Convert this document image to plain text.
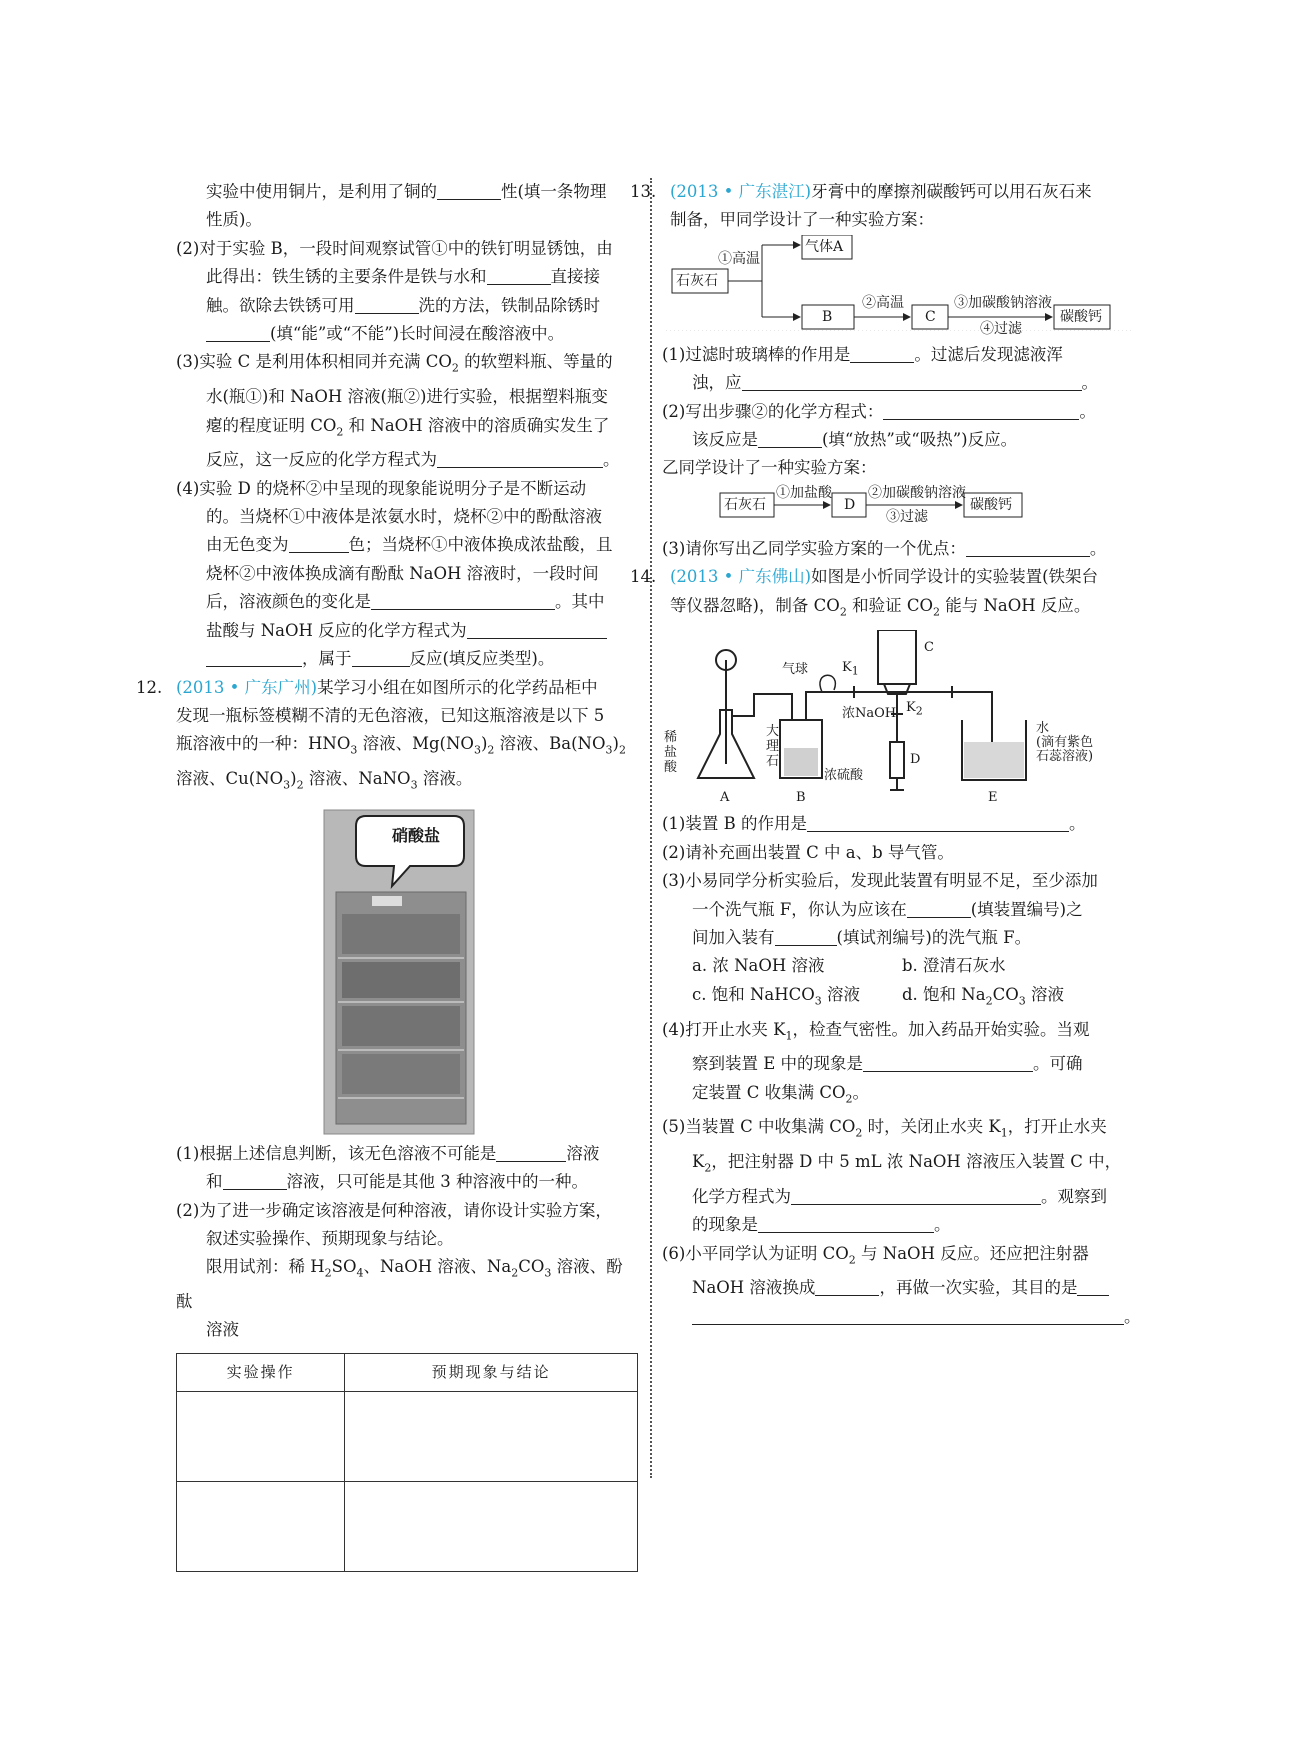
实验中使用铜片，是利用了铜的	性(填一条物理
性质)。
(2)对于实验 B，一段时间观察试管①中的铁钉明显锈蚀，由
此得出：铁生锈的主要条件是铁与水和	直接接
触。欲除去铁锈可用	洗的方法，铁制品除锈时
(填“能”或“不能”)长时间浸在酸溶液中。
(3)实验 C 是利用体积相同并充满 $CO_2$ 的软塑料瓶、等量的
水(瓶①)和 NaOH 溶液(瓶②)进行实验，根据塑料瓶变
瘪的程度证明 $CO_2$ 和 NaOH 溶液中的溶质确实发生了
反应，这一反应的化学方程式为	。
(4)实验 D 的烧杯②中呈现的现象能说明分子是不断运动
的。当烧杯①中液体是浓氨水时，烧杯②中的酚酞溶液
由无色变为	色；当烧杯①中液体换成浓盐酸，且
烧杯②中液体换成滴有酚酞 NaOH 溶液时，一段时间
后，溶液颜色的变化是	。其中
盐酸与 NaOH 反应的化学方程式为
，属于	反应(填反应类型)。
12. (2013 • 广东广州)某学习小组在如图所示的化学药品柜中
发现一瓶标签模糊不清的无色溶液，已知这瓶溶液是以下 5
瓶溶液中的一种：$HNO_3$ 溶液、$Mg(NO_3)_2$ 溶液、$Ba(NO_3)_2$
溶液、$Cu(NO_3)_2$ 溶液、NaNO$_3$ 溶液。
硝酸盐
(1)根据上述信息判断，该无色溶液不可能是	溶液
和	溶液，只可能是其他 3 种溶液中的一种。
(2)为了进一步确定该溶液是何种溶液，请你设计实验方案，
叙述实验操作、预期现象与结论。
限用试剂：稀 $H_2SO_4$、NaOH 溶液、$Na_2CO_3$ 溶液、酚酞
溶液
实验操作	预期现象与结论

13. (2013 • 广东湛江)牙膏中的摩擦剂碳酸钙可以用石灰石来
制备，甲同学设计了一种实验方案：
石灰石
①高温
气体A
B
②高温
C
③加碳酸钠溶液
④过滤
碳酸钙
(1)过滤时玻璃棒的作用是	。过滤后发现滤液浑
浊，应	。
(2)写出步骤②的化学方程式：	。
该反应是	(填“放热”或“吸热”)反应。
乙同学设计了一种实验方案：
石灰石
①加盐酸
D
②加碳酸钠溶液
③过滤
碳酸钙
(3)请你写出乙同学实验方案的一个优点：	。
14. (2013 • 广东佛山)如图是小忻同学设计的实验装置(铁架台
等仪器忽略)，制备 $CO_2$ 和验证 $CO_2$ 能与 NaOH 反应。
气球	$K_1$
$K_2$
C
浓NaOH
D
稀盐酸
大理石
浓硫酸
水
(滴有紫色
石蕊溶液)
A	B	E
(1)装置 B 的作用是	。
(2)请补充画出装置 C 中 a、b 导气管。
(3)小易同学分析实验后，发现此装置有明显不足，至少添加
一个洗气瓶 F，你认为应该在	(填装置编号)之
间加入装有	(填试剂编号)的洗气瓶 F。
a. 浓 NaOH 溶液	b. 澄清石灰水
c. 饱和 NaHCO$_3$ 溶液	d. 饱和 $Na_2CO_3$ 溶液
(4)打开止水夹 $K_1$，检查气密性。加入药品开始实验。当观
察到装置 E 中的现象是	。可确
定装置 C 收集满 $CO_2$。
(5)当装置 C 中收集满 $CO_2$ 时，关闭止水夹 $K_1$，打开止水夹
$K_2$，把注射器 D 中 5 mL 浓 NaOH 溶液压入装置 C 中，
化学方程式为	。观察到
的现象是	。
(6)小平同学认为证明 $CO_2$ 与 NaOH 反应。还应把注射器
NaOH 溶液换成	，再做一次实验，其目的是
。
